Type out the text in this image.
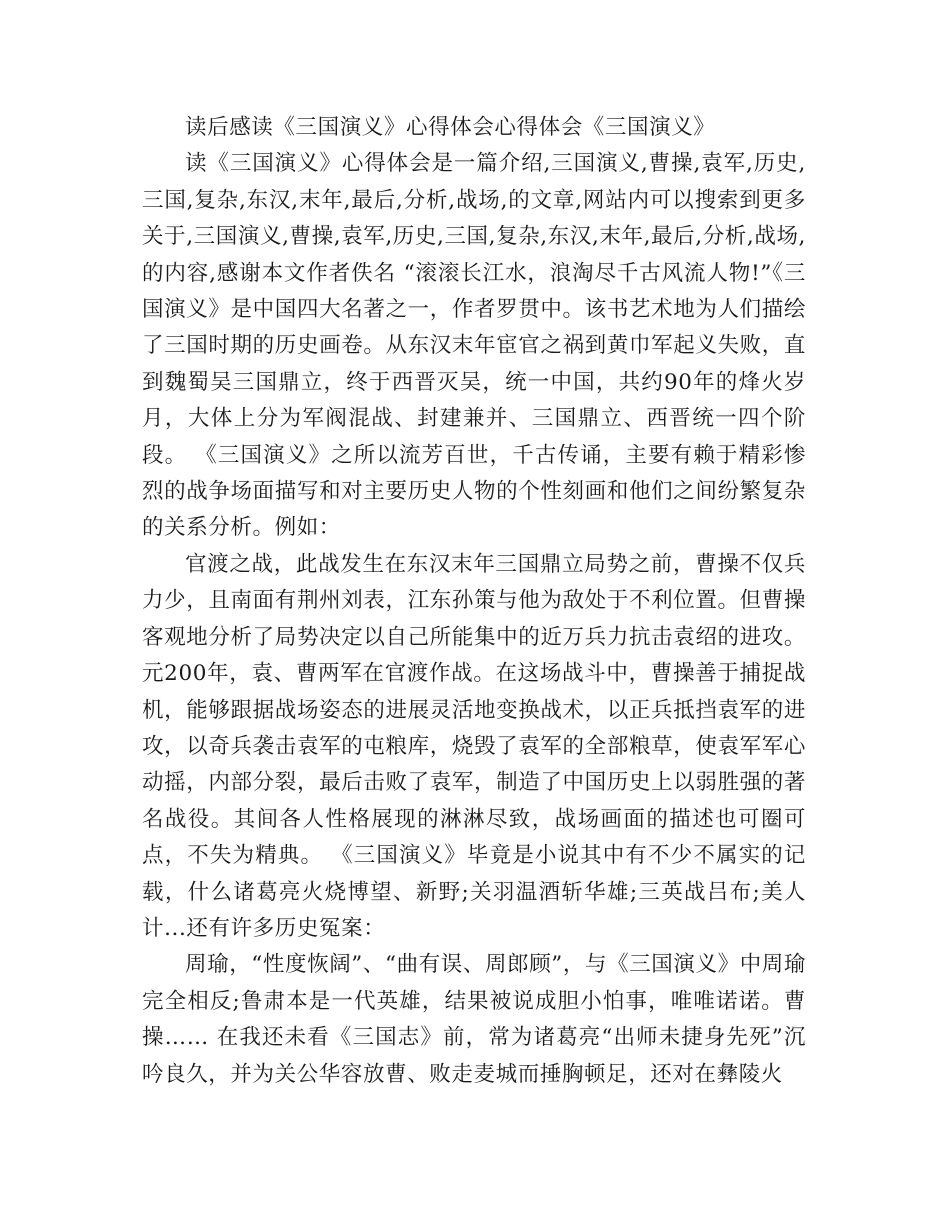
读后感读《三国演义》心得体会心得体会《三国演义》

读《三国演义》心得体会是一篇介绍,三国演义,曹操,袁军,历史,三国,复杂,东汉,末年,最后,分析,战场,的文章,网站内可以搜索到更多关于,三国演义,曹操,袁军,历史,三国,复杂,东汉,末年,最后,分析,战场,的内容,感谢本文作者佚名 “滚滚长江水，浪淘尽千古风流人物!”《三国演义》是中国四大名著之一，作者罗贯中。该书艺术地为人们描绘了三国时期的历史画卷。从东汉末年宦官之祸到黄巾军起义失败，直到魏蜀吴三国鼎立，终于西晋灭吴，统一中国，共约90年的烽火岁月，大体上分为军阀混战、封建兼并、三国鼎立、西晋统一四个阶段。 《三国演义》之所以流芳百世，千古传诵，主要有赖于精彩惨烈的战争场面描写和对主要历史人物的个性刻画和他们之间纷繁复杂的关系分析。例如：

官渡之战，此战发生在东汉末年三国鼎立局势之前，曹操不仅兵力少，且南面有荆州刘表，江东孙策与他为敌处于不利位置。但曹操客观地分析了局势决定以自己所能集中的近万兵力抗击袁绍的进攻。元200年，袁、曹两军在官渡作战。在这场战斗中，曹操善于捕捉战机，能够跟据战场姿态的进展灵活地变换战术，以正兵抵挡袁军的进攻，以奇兵袭击袁军的屯粮库，烧毁了袁军的全部粮草，使袁军军心动摇，内部分裂，最后击败了袁军，制造了中国历史上以弱胜强的著名战役。其间各人性格展现的淋淋尽致，战场画面的描述也可圈可点，不失为精典。 《三国演义》毕竟是小说其中有不少不属实的记载，什么诸葛亮火烧博望、新野;关羽温酒斩华雄;三英战吕布;美人计...还有许多历史冤案：

周瑜，“性度恢阔”、“曲有误、周郎顾”，与《三国演义》中周瑜完全相反;鲁肃本是一代英雄，结果被说成胆小怕事，唯唯诺诺。曹操…… 在我还未看《三国志》前，常为诸葛亮“出师未捷身先死”沉吟良久，并为关公华容放曹、败走麦城而捶胸顿足，还对在彝陵火
